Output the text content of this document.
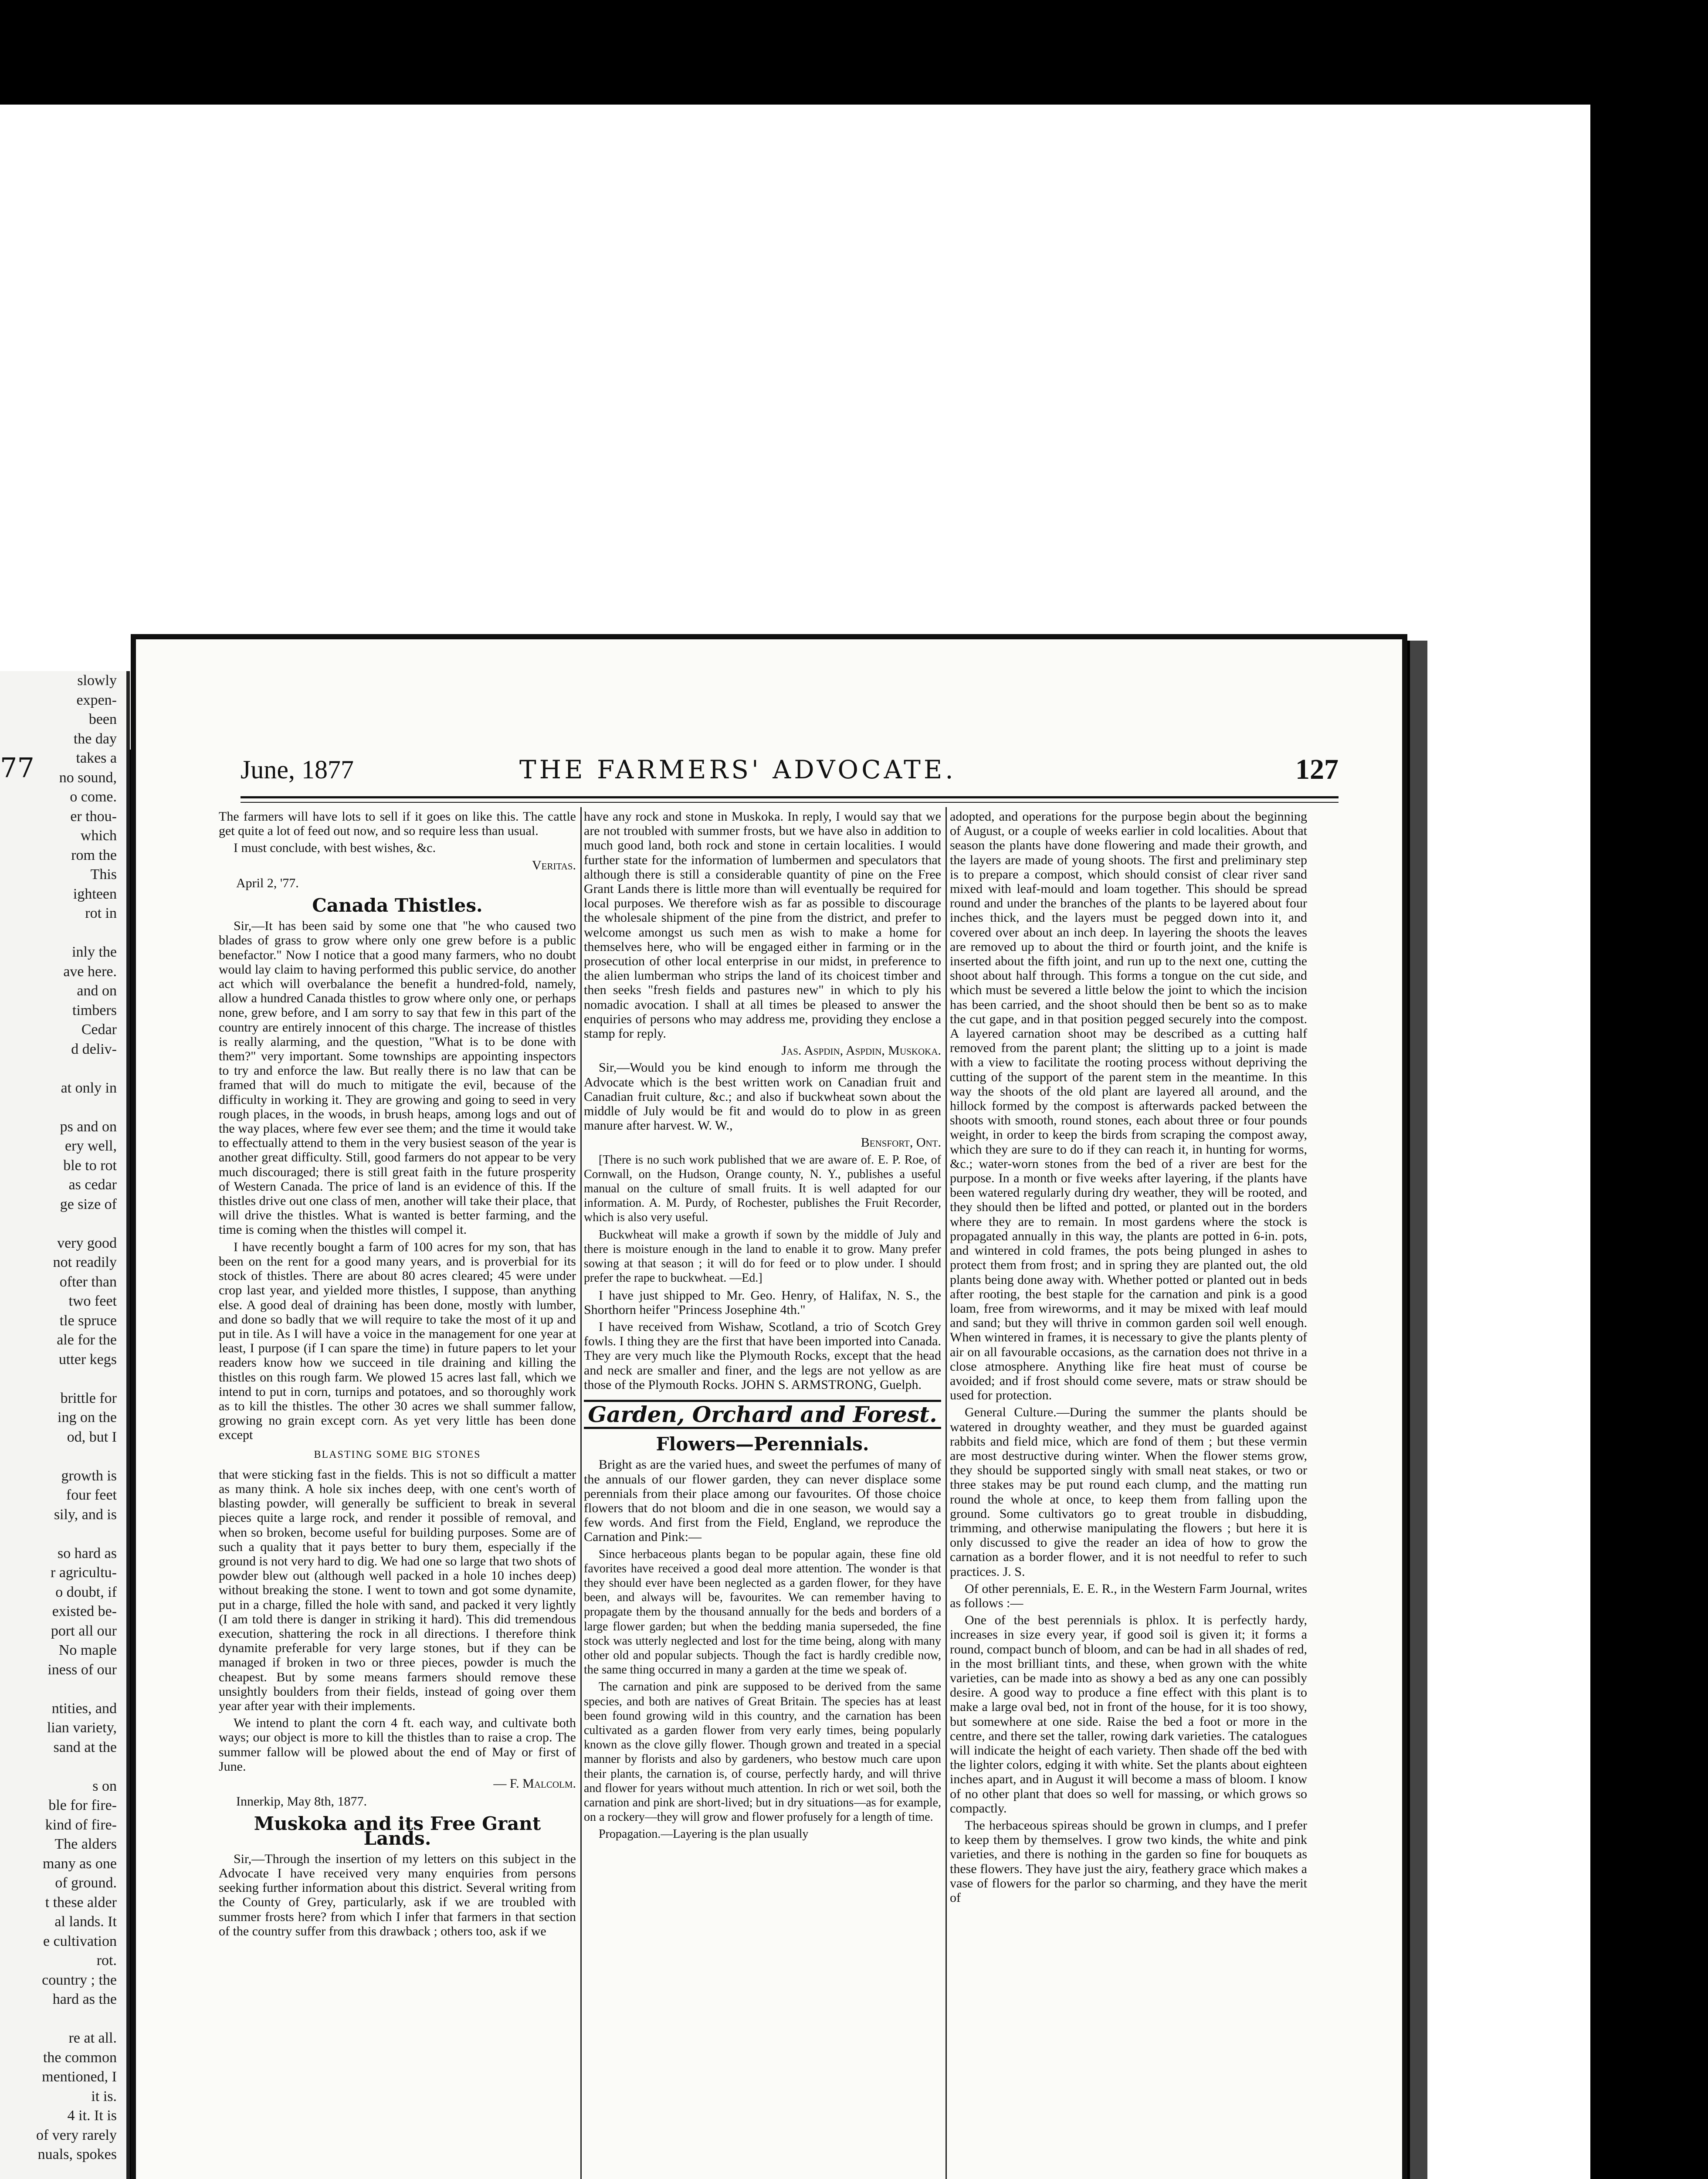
slowly
expen-
been
the day
takes a
no sound,
o come.
er thou-
which
rom the
This
ighteen
rot in

inly the
ave here.
and on
timbers
Cedar
d deliv-

at only in

ps and on
ery well,
ble to rot
as cedar
ge size of

very good
not readily
ofter than
two feet
tle spruce
ale for the
utter kegs

brittle for
ing on the
od, but I

growth is
four feet
sily, and is

so hard as
r agricultu-
o doubt, if
existed be-
port all our
No maple
iness of our

ntities, and
lian variety,
sand at the

s on
ble for fire-
kind of fire-
The alders
many as one
of ground.
t these alder
al lands. It
e cultivation
rot.
country ; the
hard as the

re at all.
the common
mentioned, I
it is.
4 it. It is
of very rarely
nuals, spokes

77	June, 1877	THE FARMERS' ADVOCATE.	127

The farmers will have lots to sell if it goes on like this. The cattle get quite a lot of feed out now, and so require less than usual.

I must conclude, with best wishes, &c.

Veritas.
April 2, '77.
Canada Thistles.

Sir,—It has been said by some one that "he who caused two blades of grass to grow where only one grew before is a public benefactor." Now I notice that a good many farmers, who no doubt would lay claim to having performed this public service, do another act which will overbalance the benefit a hundred-fold, namely, allow a hundred Canada thistles to grow where only one, or perhaps none, grew before, and I am sorry to say that few in this part of the country are entirely innocent of this charge. The increase of thistles is really alarming, and the question, "What is to be done with them?" very important. Some townships are appointing inspectors to try and enforce the law. But really there is no law that can be framed that will do much to mitigate the evil, because of the difficulty in working it. They are growing and going to seed in very rough places, in the woods, in brush heaps, among logs and out of the way places, where few ever see them; and the time it would take to effectually attend to them in the very busiest season of the year is another great difficulty. Still, good farmers do not appear to be very much discouraged; there is still great faith in the future prosperity of Western Canada. The price of land is an evidence of this. If the thistles drive out one class of men, another will take their place, that will drive the thistles. What is wanted is better farming, and the time is coming when the thistles will compel it.

I have recently bought a farm of 100 acres for my son, that has been on the rent for a good many years, and is proverbial for its stock of thistles. There are about 80 acres cleared; 45 were under crop last year, and yielded more thistles, I suppose, than anything else. A good deal of draining has been done, mostly with lumber, and done so badly that we will require to take the most of it up and put in tile. As I will have a voice in the management for one year at least, I purpose (if I can spare the time) in future papers to let your readers know how we succeed in tile draining and killing the thistles on this rough farm. We plowed 15 acres last fall, which we intend to put in corn, turnips and potatoes, and so thoroughly work as to kill the thistles. The other 30 acres we shall summer fallow, growing no grain except corn. As yet very little has been done except

BLASTING SOME BIG STONES

that were sticking fast in the fields. This is not so difficult a matter as many think. A hole six inches deep, with one cent's worth of blasting powder, will generally be sufficient to break in several pieces quite a large rock, and render it possible of removal, and when so broken, become useful for building purposes. Some are of such a quality that it pays better to bury them, especially if the ground is not very hard to dig. We had one so large that two shots of powder blew out (although well packed in a hole 10 inches deep) without breaking the stone. I went to town and got some dynamite, put in a charge, filled the hole with sand, and packed it very lightly (I am told there is danger in striking it hard). This did tremendous execution, shattering the rock in all directions. I therefore think dynamite preferable for very large stones, but if they can be managed if broken in two or three pieces, powder is much the cheapest. But by some means farmers should remove these unsightly boulders from their fields, instead of going over them year after year with their implements.

We intend to plant the corn 4 ft. each way, and cultivate both ways; our object is more to kill the thistles than to raise a crop. The summer fallow will be plowed about the end of May or first of June.

— F. Malcolm.
Innerkip, May 8th, 1877.
Muskoka and its Free Grant Lands.

Sir,—Through the insertion of my letters on this subject in the Advocate I have received very many enquiries from persons seeking further information about this district. Several writing from the County of Grey, particularly, ask if we are troubled with summer frosts here? from which I infer that farmers in that section of the country suffer from this drawback ; others too, ask if we

have any rock and stone in Muskoka. In reply, I would say that we are not troubled with summer frosts, but we have also in addition to much good land, both rock and stone in certain localities. I would further state for the information of lumbermen and speculators that although there is still a considerable quantity of pine on the Free Grant Lands there is little more than will eventually be required for local purposes. We therefore wish as far as possible to discourage the wholesale shipment of the pine from the district, and prefer to welcome amongst us such men as wish to make a home for themselves here, who will be engaged either in farming or in the prosecution of other local enterprise in our midst, in preference to the alien lumberman who strips the land of its choicest timber and then seeks "fresh fields and pastures new" in which to ply his nomadic avocation. I shall at all times be pleased to answer the enquiries of persons who may address me, providing they enclose a stamp for reply.

Jas. Aspdin, Aspdin, Muskoka.

Sir,—Would you be kind enough to inform me through the Advocate which is the best written work on Canadian fruit and Canadian fruit culture, &c.; and also if buckwheat sown about the middle of July would be fit and would do to plow in as green manure after harvest. W. W.,

Bensfort, Ont.

[There is no such work published that we are aware of. E. P. Roe, of Cornwall, on the Hudson, Orange county, N. Y., publishes a useful manual on the culture of small fruits. It is well adapted for our information. A. M. Purdy, of Rochester, publishes the Fruit Recorder, which is also very useful.

Buckwheat will make a growth if sown by the middle of July and there is moisture enough in the land to enable it to grow. Many prefer sowing at that season ; it will do for feed or to plow under. I should prefer the rape to buckwheat. —Ed.]

I have just shipped to Mr. Geo. Henry, of Halifax, N. S., the Shorthorn heifer "Princess Josephine 4th."

I have received from Wishaw, Scotland, a trio of Scotch Grey fowls. I thing they are the first that have been imported into Canada. They are very much like the Plymouth Rocks, except that the head and neck are smaller and finer, and the legs are not yellow as are those of the Plymouth Rocks. JOHN S. ARMSTRONG, Guelph.

Garden, Orchard and Forest.
Flowers—Perennials.

Bright as are the varied hues, and sweet the perfumes of many of the annuals of our flower garden, they can never displace some perennials from their place among our favourites. Of those choice flowers that do not bloom and die in one season, we would say a few words. And first from the Field, England, we reproduce the Carnation and Pink:—

Since herbaceous plants began to be popular again, these fine old favorites have received a good deal more attention. The wonder is that they should ever have been neglected as a garden flower, for they have been, and always will be, favourites. We can remember having to propagate them by the thousand annually for the beds and borders of a large flower garden; but when the bedding mania superseded, the fine stock was utterly neglected and lost for the time being, along with many other old and popular subjects. Though the fact is hardly credible now, the same thing occurred in many a garden at the time we speak of.

The carnation and pink are supposed to be derived from the same species, and both are natives of Great Britain. The species has at least been found growing wild in this country, and the carnation has been cultivated as a garden flower from very early times, being popularly known as the clove gilly flower. Though grown and treated in a special manner by florists and also by gardeners, who bestow much care upon their plants, the carnation is, of course, perfectly hardy, and will thrive and flower for years without much attention. In rich or wet soil, both the carnation and pink are short-lived; but in dry situations—as for example, on a rockery—they will grow and flower profusely for a length of time.

Propagation.—Layering is the plan usually

adopted, and operations for the purpose begin about the beginning of August, or a couple of weeks earlier in cold localities. About that season the plants have done flowering and made their growth, and the layers are made of young shoots. The first and preliminary step is to prepare a compost, which should consist of clear river sand mixed with leaf-mould and loam together. This should be spread round and under the branches of the plants to be layered about four inches thick, and the layers must be pegged down into it, and covered over about an inch deep. In layering the shoots the leaves are removed up to about the third or fourth joint, and the knife is inserted about the fifth joint, and run up to the next one, cutting the shoot about half through. This forms a tongue on the cut side, and which must be severed a little below the joint to which the incision has been carried, and the shoot should then be bent so as to make the cut gape, and in that position pegged securely into the compost. A layered carnation shoot may be described as a cutting half removed from the parent plant; the slitting up to a joint is made with a view to facilitate the rooting process without depriving the cutting of the support of the parent stem in the meantime. In this way the shoots of the old plant are layered all around, and the hillock formed by the compost is afterwards packed between the shoots with smooth, round stones, each about three or four pounds weight, in order to keep the birds from scraping the compost away, which they are sure to do if they can reach it, in hunting for worms, &c.; water-worn stones from the bed of a river are best for the purpose. In a month or five weeks after layering, if the plants have been watered regularly during dry weather, they will be rooted, and they should then be lifted and potted, or planted out in the borders where they are to remain. In most gardens where the stock is propagated annually in this way, the plants are potted in 6-in. pots, and wintered in cold frames, the pots being plunged in ashes to protect them from frost; and in spring they are planted out, the old plants being done away with. Whether potted or planted out in beds after rooting, the best staple for the carnation and pink is a good loam, free from wireworms, and it may be mixed with leaf mould and sand; but they will thrive in common garden soil well enough. When wintered in frames, it is necessary to give the plants plenty of air on all favourable occasions, as the carnation does not thrive in a close atmosphere. Anything like fire heat must of course be avoided; and if frost should come severe, mats or straw should be used for protection.

General Culture.—During the summer the plants should be watered in droughty weather, and they must be guarded against rabbits and field mice, which are fond of them ; but these vermin are most destructive during winter. When the flower stems grow, they should be supported singly with small neat stakes, or two or three stakes may be put round each clump, and the matting run round the whole at once, to keep them from falling upon the ground. Some cultivators go to great trouble in disbudding, trimming, and otherwise manipulating the flowers ; but here it is only discussed to give the reader an idea of how to grow the carnation as a border flower, and it is not needful to refer to such practices. J. S.

Of other perennials, E. E. R., in the Western Farm Journal, writes as follows :—

One of the best perennials is phlox. It is perfectly hardy, increases in size every year, if good soil is given it; it forms a round, compact bunch of bloom, and can be had in all shades of red, in the most brilliant tints, and these, when grown with the white varieties, can be made into as showy a bed as any one can possibly desire. A good way to produce a fine effect with this plant is to make a large oval bed, not in front of the house, for it is too showy, but somewhere at one side. Raise the bed a foot or more in the centre, and there set the taller, rowing dark varieties. The catalogues will indicate the height of each variety. Then shade off the bed with the lighter colors, edging it with white. Set the plants about eighteen inches apart, and in August it will become a mass of bloom. I know of no other plant that does so well for massing, or which grows so compactly.

The herbaceous spireas should be grown in clumps, and I prefer to keep them by themselves. I grow two kinds, the white and pink varieties, and there is nothing in the garden so fine for bouquets as these flowers. They have just the airy, feathery grace which makes a vase of flowers for the parlor so charming, and they have the merit of
